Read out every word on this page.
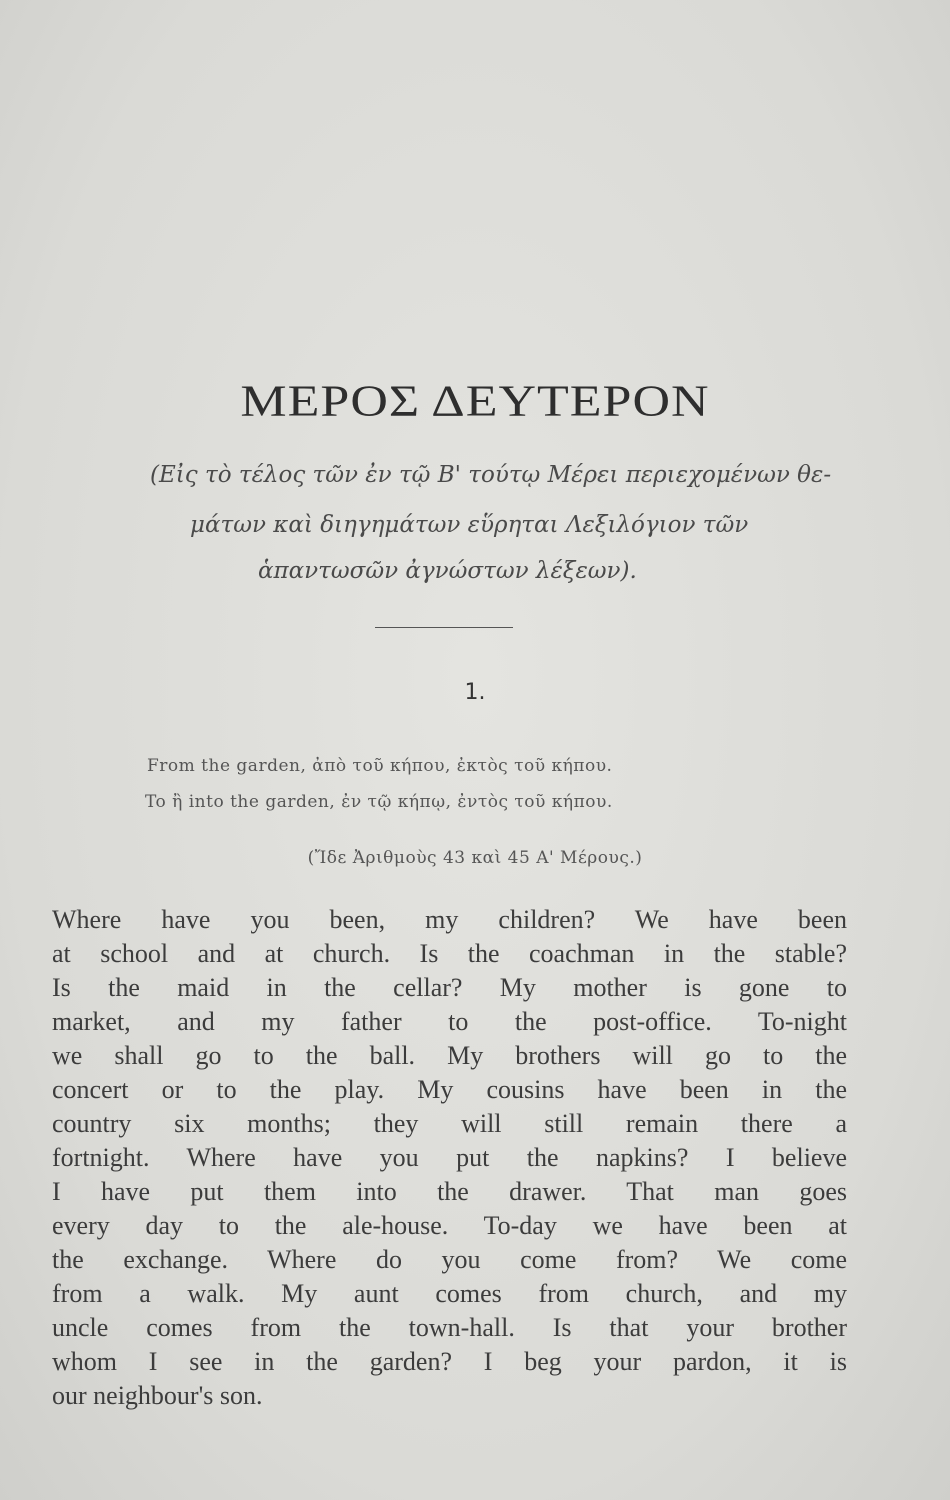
ΜΕΡΟΣ ΔΕΥΤΕΡΟΝ
(Εἰς τὸ τέλος τῶν ἐν τῷ Β' τούτῳ Μέρει περιεχομένων θε-
μάτων καὶ διηγημάτων εὕρηται Λεξιλόγιον τῶν
ἁπαντωσῶν ἀγνώστων λέξεων).
1.
From the garden, ἀπὸ τοῦ κήπου, ἐκτὸς τοῦ κήπου.
To ἢ into the garden, ἐν τῷ κήπῳ, ἐντὸς τοῦ κήπου.
(Ἴδε Ἀριθμοὺς 43 καὶ 45 Α' Μέρους.)
Where have you been, my children? We have been
at school and at church. Is the coachman in the stable?
Is the maid in the cellar? My mother is gone to
market, and my father to the post-office. To-night
we shall go to the ball. My brothers will go to the
concert or to the play. My cousins have been in the
country six months; they will still remain there a
fortnight. Where have you put the napkins? I believe
I have put them into the drawer. That man goes
every day to the ale-house. To-day we have been at
the exchange. Where do you come from? We come
from a walk. My aunt comes from church, and my
uncle comes from the town-hall. Is that your brother
whom I see in the garden? I beg your pardon, it is
our neighbour's son.
